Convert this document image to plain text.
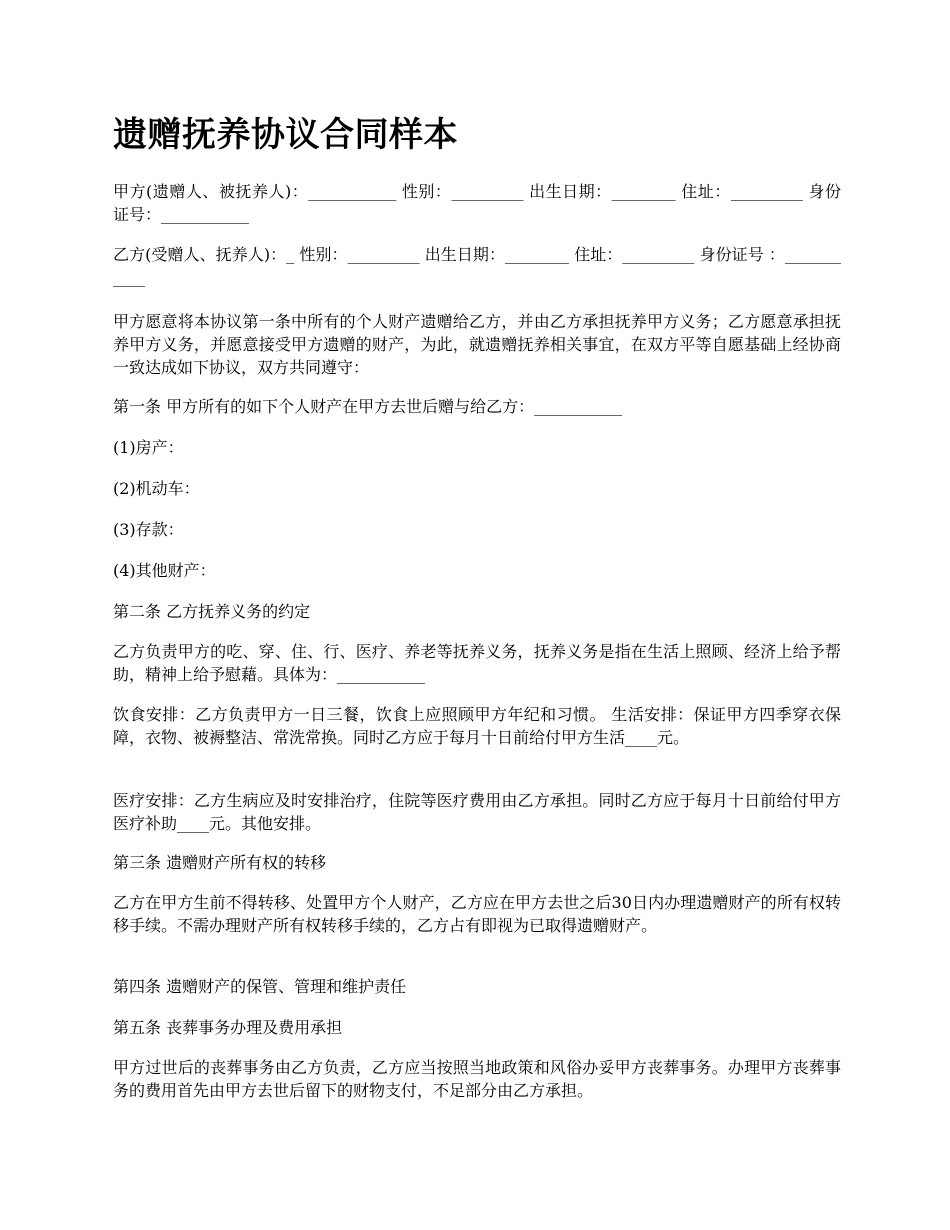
遗赠抚养协议合同样本

甲方(遗赠人、被抚养人)：___________ 性别：_________ 出生日期：________ 住址：_________ 身份证号：___________

乙方(受赠人、抚养人)：_ 性别：_________ 出生日期：________ 住址：_________ 身份证号 ：___________

甲方愿意将本协议第一条中所有的个人财产遗赠给乙方，并由乙方承担抚养甲方义务；乙方愿意承担抚养甲方义务，并愿意接受甲方遗赠的财产，为此，就遗赠抚养相关事宜，在双方平等自愿基础上经协商一致达成如下协议，双方共同遵守：

第一条 甲方所有的如下个人财产在甲方去世后赠与给乙方：___________

(1)房产：

(2)机动车：

(3)存款：

(4)其他财产：

第二条 乙方抚养义务的约定

乙方负责甲方的吃、穿、住、行、医疗、养老等抚养义务，抚养义务是指在生活上照顾、经济上给予帮助，精神上给予慰藉。具体为：___________

饮食安排：乙方负责甲方一日三餐，饮食上应照顾甲方年纪和习惯。 生活安排：保证甲方四季穿衣保障，衣物、被褥整洁、常洗常换。同时乙方应于每月十日前给付甲方生活____元。

医疗安排：乙方生病应及时安排治疗，住院等医疗费用由乙方承担。同时乙方应于每月十日前给付甲方医疗补助____元。其他安排。

第三条 遗赠财产所有权的转移

乙方在甲方生前不得转移、处置甲方个人财产，乙方应在甲方去世之后30日内办理遗赠财产的所有权转移手续。不需办理财产所有权转移手续的，乙方占有即视为已取得遗赠财产。

第四条 遗赠财产的保管、管理和维护责任

第五条 丧葬事务办理及费用承担

甲方过世后的丧葬事务由乙方负责，乙方应当按照当地政策和风俗办妥甲方丧葬事务。办理甲方丧葬事务的费用首先由甲方去世后留下的财物支付，不足部分由乙方承担。
